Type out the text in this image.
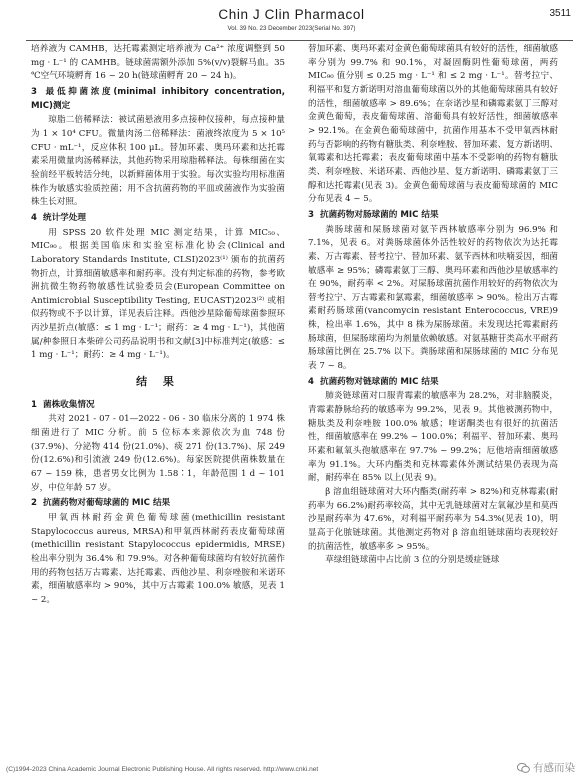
Chin J Clin Pharmacol	3511
Vol. 39 No. 23 December 2023(Serial No. 397)

培养液为 CAMHB，达托霉素测定培养液为 Ca²⁺ 浓度调整到 50 mg · L⁻¹ 的 CAMHB。链球菌需额外添加 5%(v/v)裂解马血。35 ℃空气环境孵育 16 ~ 20 h(链球菌孵育 20 ~ 24 h)。

3 最低抑菌浓度(minimal inhibitory concentration, MIC)测定

琼脂二倍稀释法：被试菌悬液用多点接种仪接种，每点接种量为 1 × 10⁴ CFU。微量肉汤二倍稀释法：菌液终浓度为 5 × 10⁵ CFU · mL⁻¹，反应体积 100 μL。替加环素、奥玛环素和达托霉素采用微量肉汤稀释法，其他药物采用琼脂稀释法。每株细菌在实验前经平板转活分纯，以新鲜菌体用于实验。每次实验均用标准菌株作为敏感实验质控菌；用不含抗菌药物的平皿或菌液作为实验菌株生长对照。

4 统计学处理

用 SPSS 20 软件处理 MIC 测定结果，计算 MIC₅₀、MIC₉₀。根据美国临床和实验室标准化协会(Clinical and Laboratory Standards Institute, CLSI)2023⁽¹⁾ 颁布的抗菌药物折点，计算细菌敏感率和耐药率。没有判定标准的药物，参考欧洲抗微生物药物敏感性试验委员会(European Committee on Antimicrobial Susceptibility Testing, EUCAST)2023⁽²⁾ 或相似药物或不予以计算，详见表后注释。西他沙星除葡萄球菌参照环丙沙星折点(敏感：≤ 1 mg · L⁻¹；耐药：≥ 4 mg · L⁻¹)，其他菌属/种参照日本柴碎公司药品说明书和文献[3]中标准判定(敏感：≤ 1 mg · L⁻¹；耐药：≥ 4 mg · L⁻¹)。

结 果
1 菌株收集情况

共对 2021 - 07 - 01—2022 - 06 - 30 临床分离的 1 974 株细菌进行了 MIC 分析。前 5 位标本来源依次为血 748 份(37.9%)、分泌物 414 份(21.0%)、痰 271 份(13.7%)、尿 249 份(12.6%)和引流液 249 份(12.6%)。每家医院提供菌株数量在 67 ~ 159 株，患者男女比例为 1.58∶1，年龄范围 1 d ~ 101 岁，中位年龄 57 岁。

2 抗菌药物对葡萄球菌的 MIC 结果

甲氧西林耐药金黄色葡萄球菌(methicillin resistant Stapylococcus aureus, MRSA)和甲氧西林耐药表皮葡萄球菌(methicillin resistant Stapylococcus epidermidis, MRSE)检出率分别为 36.4% 和 79.9%。对各种葡萄球菌均有较好抗菌作用的药物包括万古霉素、达托霉素、西他沙星、利奈唑胺和米诺环素，细菌敏感率均 > 90%，其中万古霉素 100.0% 敏感，见表 1 ~ 2。

替加环素、奥玛环素对金黄色葡萄球菌具有较好的活性，细菌敏感率分别为 99.7% 和 90.1%，对凝固酶阴性葡萄球菌，两药 MIC₉₀ 值分别 ≤ 0.25 mg · L⁻¹ 和 ≤ 2 mg · L⁻¹。替考拉宁、利福平和复方新诺明对溶血葡萄球菌以外的其他葡萄球菌具有较好的活性，细菌敏感率 > 89.6%；在奈诺沙星和磷霉素氨丁三醇对金黄色葡萄，表皮葡萄球菌、溶葡萄具有较好活性，细菌敏感率 > 92.1%。在金黄色葡萄球菌中，抗菌作用基本不受甲氧西林耐药与否影响的药物有糖肽类、利奈唑胺、替加环素、复方新诺明、氧霉素和达托霉素；表皮葡萄球菌中基本不受影响的药物有糖肽类、利奈唑胺、米诺环素、西他沙星、复方新诺明、磷霉素氨丁三醇和达托霉素(见表 3)。金黄色葡萄球菌与表皮葡萄球菌的 MIC 分布见表 4 ~ 5。

3 抗菌药物对肠球菌的 MIC 结果

粪肠球菌和屎肠球菌对氨苄西林敏感率分别为 96.9% 和 7.1%，见表 6。对粪肠球菌体外活性较好的药物依次为达托霉素、万古霉素、替考拉宁、替加环素、氨苄西林和呋喃妥因，细菌敏感率 ≥ 95%；磷霉素氨丁三醇、奥玛环素和西他沙星敏感率约在 90%，耐药率 < 2%。对屎肠球菌抗菌作用较好的药物依次为替考拉宁、万古霉素和氯霉素，细菌敏感率 > 90%。检出万古霉素耐药肠球菌(vancomycin resistant Enterococcus, VRE)9 株，检出率 1.6%，其中 8 株为屎肠球菌。未发现达托霉素耐药肠球菌，但屎肠球菌均为剂量依赖敏感。对氨基糖苷类高水平耐药肠球菌比例在 25.7% 以下。粪肠球菌和屎肠球菌的 MIC 分布见表 7 ~ 8。

4 抗菌药物对链球菌的 MIC 结果

肺炎链球菌对口服青霉素的敏感率为 28.2%，对非脑膜炎，青霉素静脉给药的敏感率为 99.2%，见表 9。其他被测药物中，糖肽类及利奈唑胺 100.0% 敏感；喹诺酮类也有很好的抗菌活性，细菌敏感率在 99.2% ~ 100.0%；利福平、替加环素、奥玛环素和氟氧头孢敏感率在 97.7% ~ 99.2%；厄他培南细菌敏感率为 91.1%。大环内酯类和克林霉素体外测试结果仍表现为高耐，耐药率在 85% 以上(见表 9)。

β 溶血组链球菌对大环内酯类(耐药率 > 82%)和克林霉素(耐药率为 66.2%)耐药率较高，其中无乳链球菌对左氧氟沙星和莫西沙星耐药率为 47.6%，对利福平耐药率为 54.3%(见表 10)，明显高于化脓链球菌。其他测定药物对 β 溶血组链球菌均表现较好的抗菌活性，敏感率多 > 95%。

草绿组链球菌中占比前 3 位的分别是缓症链球

(C)1994-2023 China Academic Journal Electronic Publishing House. All rights reserved. http://www.cnki.net	有感而染
